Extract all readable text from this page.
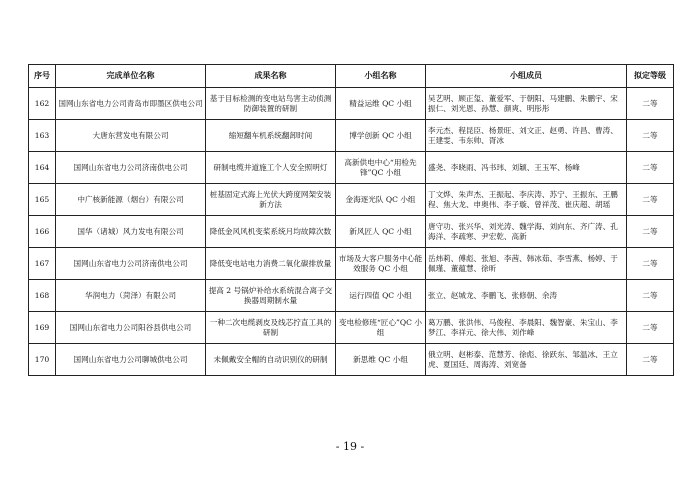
序号	完成单位名称	成果名称	小组名称	小组成员	拟定等级
162	国网山东省电力公司青岛市即墨区供电公司	基于目标检测的变电站鸟害主动侦测防御装置的研制	精益运维 QC 小组	吴艺明、顾正玺、董爱军、于朝阳、马建鹏、朱鹏宇、宋振仁、刘光恩、孙慧、颜爽、明彤彤	二等
163	大唐东营发电有限公司	缩短翻车机系统翻卸时间	博学创新 QC 小组	李元杰、程昆臣、杨景旺、刘文正、赵勇、许昌、曹涛、王建雯、韦东帅、胥冰	二等
164	国网山东省电力公司济南供电公司	研制电缆井道施工个人安全照明灯	高新供电中心“用检先锋”QC 小组	盛尧、李晓雨、冯书玮、刘颖、王玉军、杨峰	二等
165	中广核新能源（烟台）有限公司	桩基固定式海上光伏大跨度网架安装新方法	金海逐光队 QC 小组	丁文烨、朱声杰、王振起、李庆涛、苏宁、王振东、王鹏程、焦大龙、申奥伟、李子璇、曾祥茂、崔庆超、胡瑶	二等
166	国华（诸城）风力发电有限公司	降低金风风机变桨系统月均故障次数	新风匠人 QC 小组	唐守功、张兴华、刘光涛、魏学海、刘向东、齐广涛、孔海洋、李疏寒、尹宏乾、高新	二等
167	国网山东省电力公司济南供电公司	降低变电站电力消费二氧化碳排放量	市场及大客户服务中心能效服务 QC 小组	岳炜莉、傅彪、张旭、李茜、韩冰茹、李雪燕、杨婷、于佩瑾、董蕴慧、徐昕	二等
168	华润电力（菏泽）有限公司	提高 2 号锅炉补给水系统混合离子交换器周期制水量	运行四值 QC 小组	张立、赵城龙、李鹏飞、张修朝、余涛	二等
169	国网山东省电力公司阳谷县供电公司	一种二次电缆剥皮及线芯拧直工具的研制	变电检修班“匠心”QC 小组	葛万鹏、张洪伟、马俊程、李晨阳、魏智豪、朱宝山、李梦江、李祥元、徐大伟、刘作峰	二等
170	国网山东省电力公司聊城供电公司	未佩戴安全帽的自动识别仪的研制	新思维 QC 小组	俄立明、赵彬泰、范慧芳、徐彪、徐跃东、邹温冰、王立虎、夏国廷、周海涛、刘宽备	二等
- 19 -
